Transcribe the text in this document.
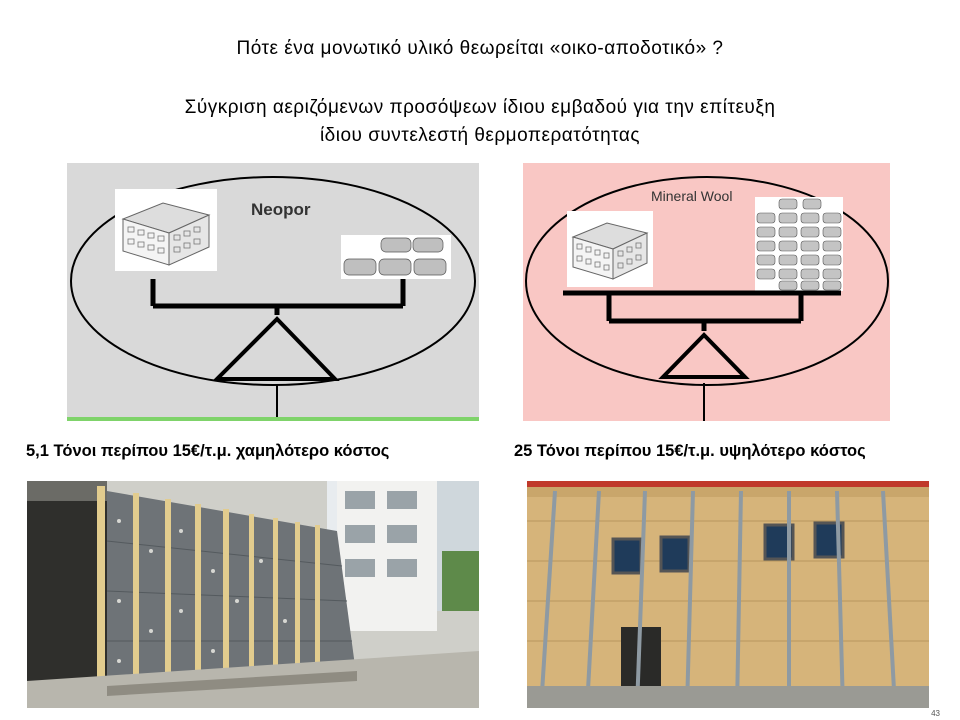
Πότε ένα μονωτικό υλικό θεωρείται «οικο-αποδοτικό» ?
Σύγκριση αεριζόμενων προσόψεων ίδιου εμβαδού για την επίτευξη
ίδιου συντελεστή θερμοπερατότητας
Neopor
Mineral Wool
5,1 Τόνοι περίπου 15€/τ.μ. χαμηλότερο κόστος	25 Τόνοι περίπου 15€/τ.μ. υψηλότερο κόστος
43
